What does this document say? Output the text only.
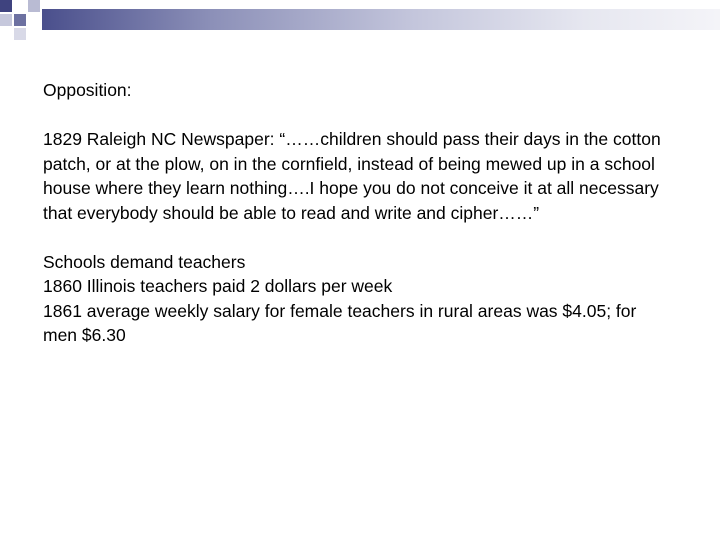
Opposition:

1829 Raleigh NC Newspaper: “……children should pass their days in the cotton patch, or at the plow, on in the cornfield, instead of being mewed up in a school house where they learn nothing….I hope you do not conceive it at all necessary that everybody should be able to read and write and cipher……”

Schools demand teachers

1860 Illinois teachers paid 2 dollars per week

1861 average weekly salary for female teachers in rural areas was $4.05; for men $6.30
